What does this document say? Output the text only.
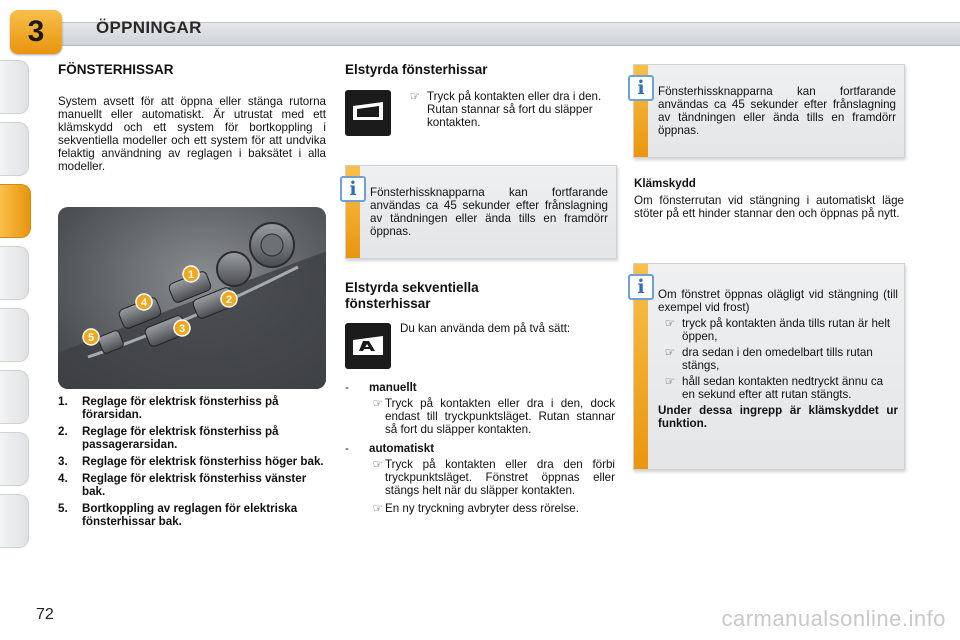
3	ÖPPNINGAR
FÖNSTERHISSAR
System avsett för att öppna eller stänga rutorna manuellt eller automatiskt. Är utrustat med ett klämskydd och ett system för bortkoppling i sekventiella modeller och ett system för att undvika felaktig användning av reglagen i baksätet i alla modeller.
1
2
3
4
5
1.	Reglage för elektrisk fönsterhiss på förarsidan.
2.	Reglage för elektrisk fönsterhiss på passagerarsidan.
3.	Reglage för elektrisk fönsterhiss höger bak.
4.	Reglage för elektrisk fönsterhiss vänster bak.
5.	Bortkoppling av reglagen för elektriska fönsterhissar bak.
Elstyrda fönsterhissar
☞ Tryck på kontakten eller dra i den. Rutan stannar så fort du släpper kontakten.
i	Fönsterhissknapparna kan fortfarande användas ca 45 sekunder efter frånslagning av tändningen eller ända tills en framdörr öppnas.
Elstyrda sekventiella
fönsterhissar
Du kan använda dem på två sätt:
-	manuellt
☞ Tryck på kontakten eller dra i den, dock endast till tryckpunktsläget. Rutan stannar så fort du släpper kontakten.
-	automatiskt
☞ Tryck på kontakten eller dra den förbi tryckpunktsläget. Fönstret öppnas eller stängs helt när du släpper kontakten.
☞ En ny tryckning avbryter dess rörelse.
i	Fönsterhissknapparna kan fortfarande användas ca 45 sekunder efter frånslagning av tändningen eller ända tills en framdörr öppnas.
Klämskydd
Om fönsterrutan vid stängning i automatiskt läge stöter på ett hinder stannar den och öppnas på nytt.
i	Om fönstret öppnas olägligt vid stängning (till exempel vid frost)
☞ tryck på kontakten ända tills rutan är helt öppen,
☞ dra sedan i den omedelbart tills rutan stängs,
☞ håll sedan kontakten nedtryckt ännu ca en sekund efter att rutan stängts.
Under dessa ingrepp är klämskyddet ur funktion.
72	carmanualsonline.info
